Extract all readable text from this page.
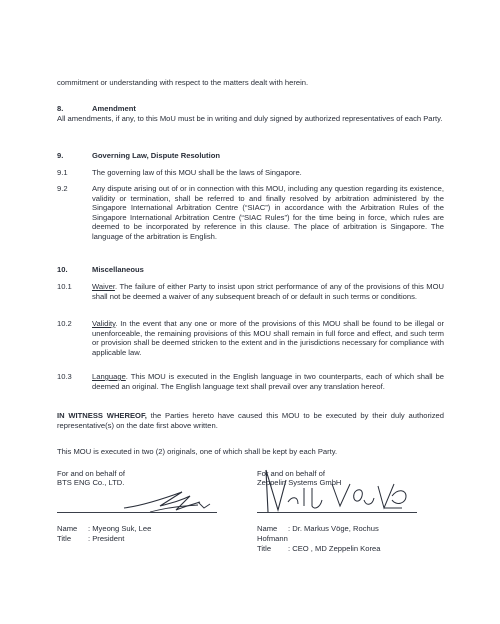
commitment or understanding with respect to the matters dealt with herein.
8.	Amendment
All amendments, if any, to this MoU must be in writing and duly signed by authorized representatives of each Party.
9.	Governing Law, Dispute Resolution
9.1	The governing law of this MOU shall be the laws of Singapore.
9.2	Any dispute arising out of or in connection with this MOU, including any question regarding its existence, validity or termination, shall be referred to and finally resolved by arbitration administered by the Singapore International Arbitration Centre (“SIAC”) in accordance with the Arbitration Rules of the Singapore International Arbitration Centre (“SIAC Rules”) for the time being in force, which rules are deemed to be incorporated by reference in this clause. The place of arbitration is Singapore. The language of the arbitration is English.
10.	Miscellaneous
10.1	Waiver. The failure of either Party to insist upon strict performance of any of the provisions of this MOU shall not be deemed a waiver of any subsequent breach of or default in such terms or conditions.
10.2	Validity. In the event that any one or more of the provisions of this MOU shall be found to be illegal or unenforceable, the remaining provisions of this MOU shall remain in full force and effect, and such term or provision shall be deemed stricken to the extent and in the jurisdictions necessary for compliance with applicable law.
10.3	Language. This MOU is executed in the English language in two counterparts, each of which shall be deemed an original. The English language text shall prevail over any translation hereof.
IN WITNESS WHEREOF, the Parties hereto have caused this MOU to be executed by their duly authorized representative(s) on the date first above written.
This MOU is executed in two (2) originals, one of which shall be kept by each Party.
For and on behalf of
BTS ENG Co., LTD.
Name : Myeong Suk, Lee
Title : President
For and on behalf of
Zeppelin Systems GmbH
Name : Dr. Markus Vöge, Rochus
Hofmann
Title : CEO , MD Zeppelin Korea
